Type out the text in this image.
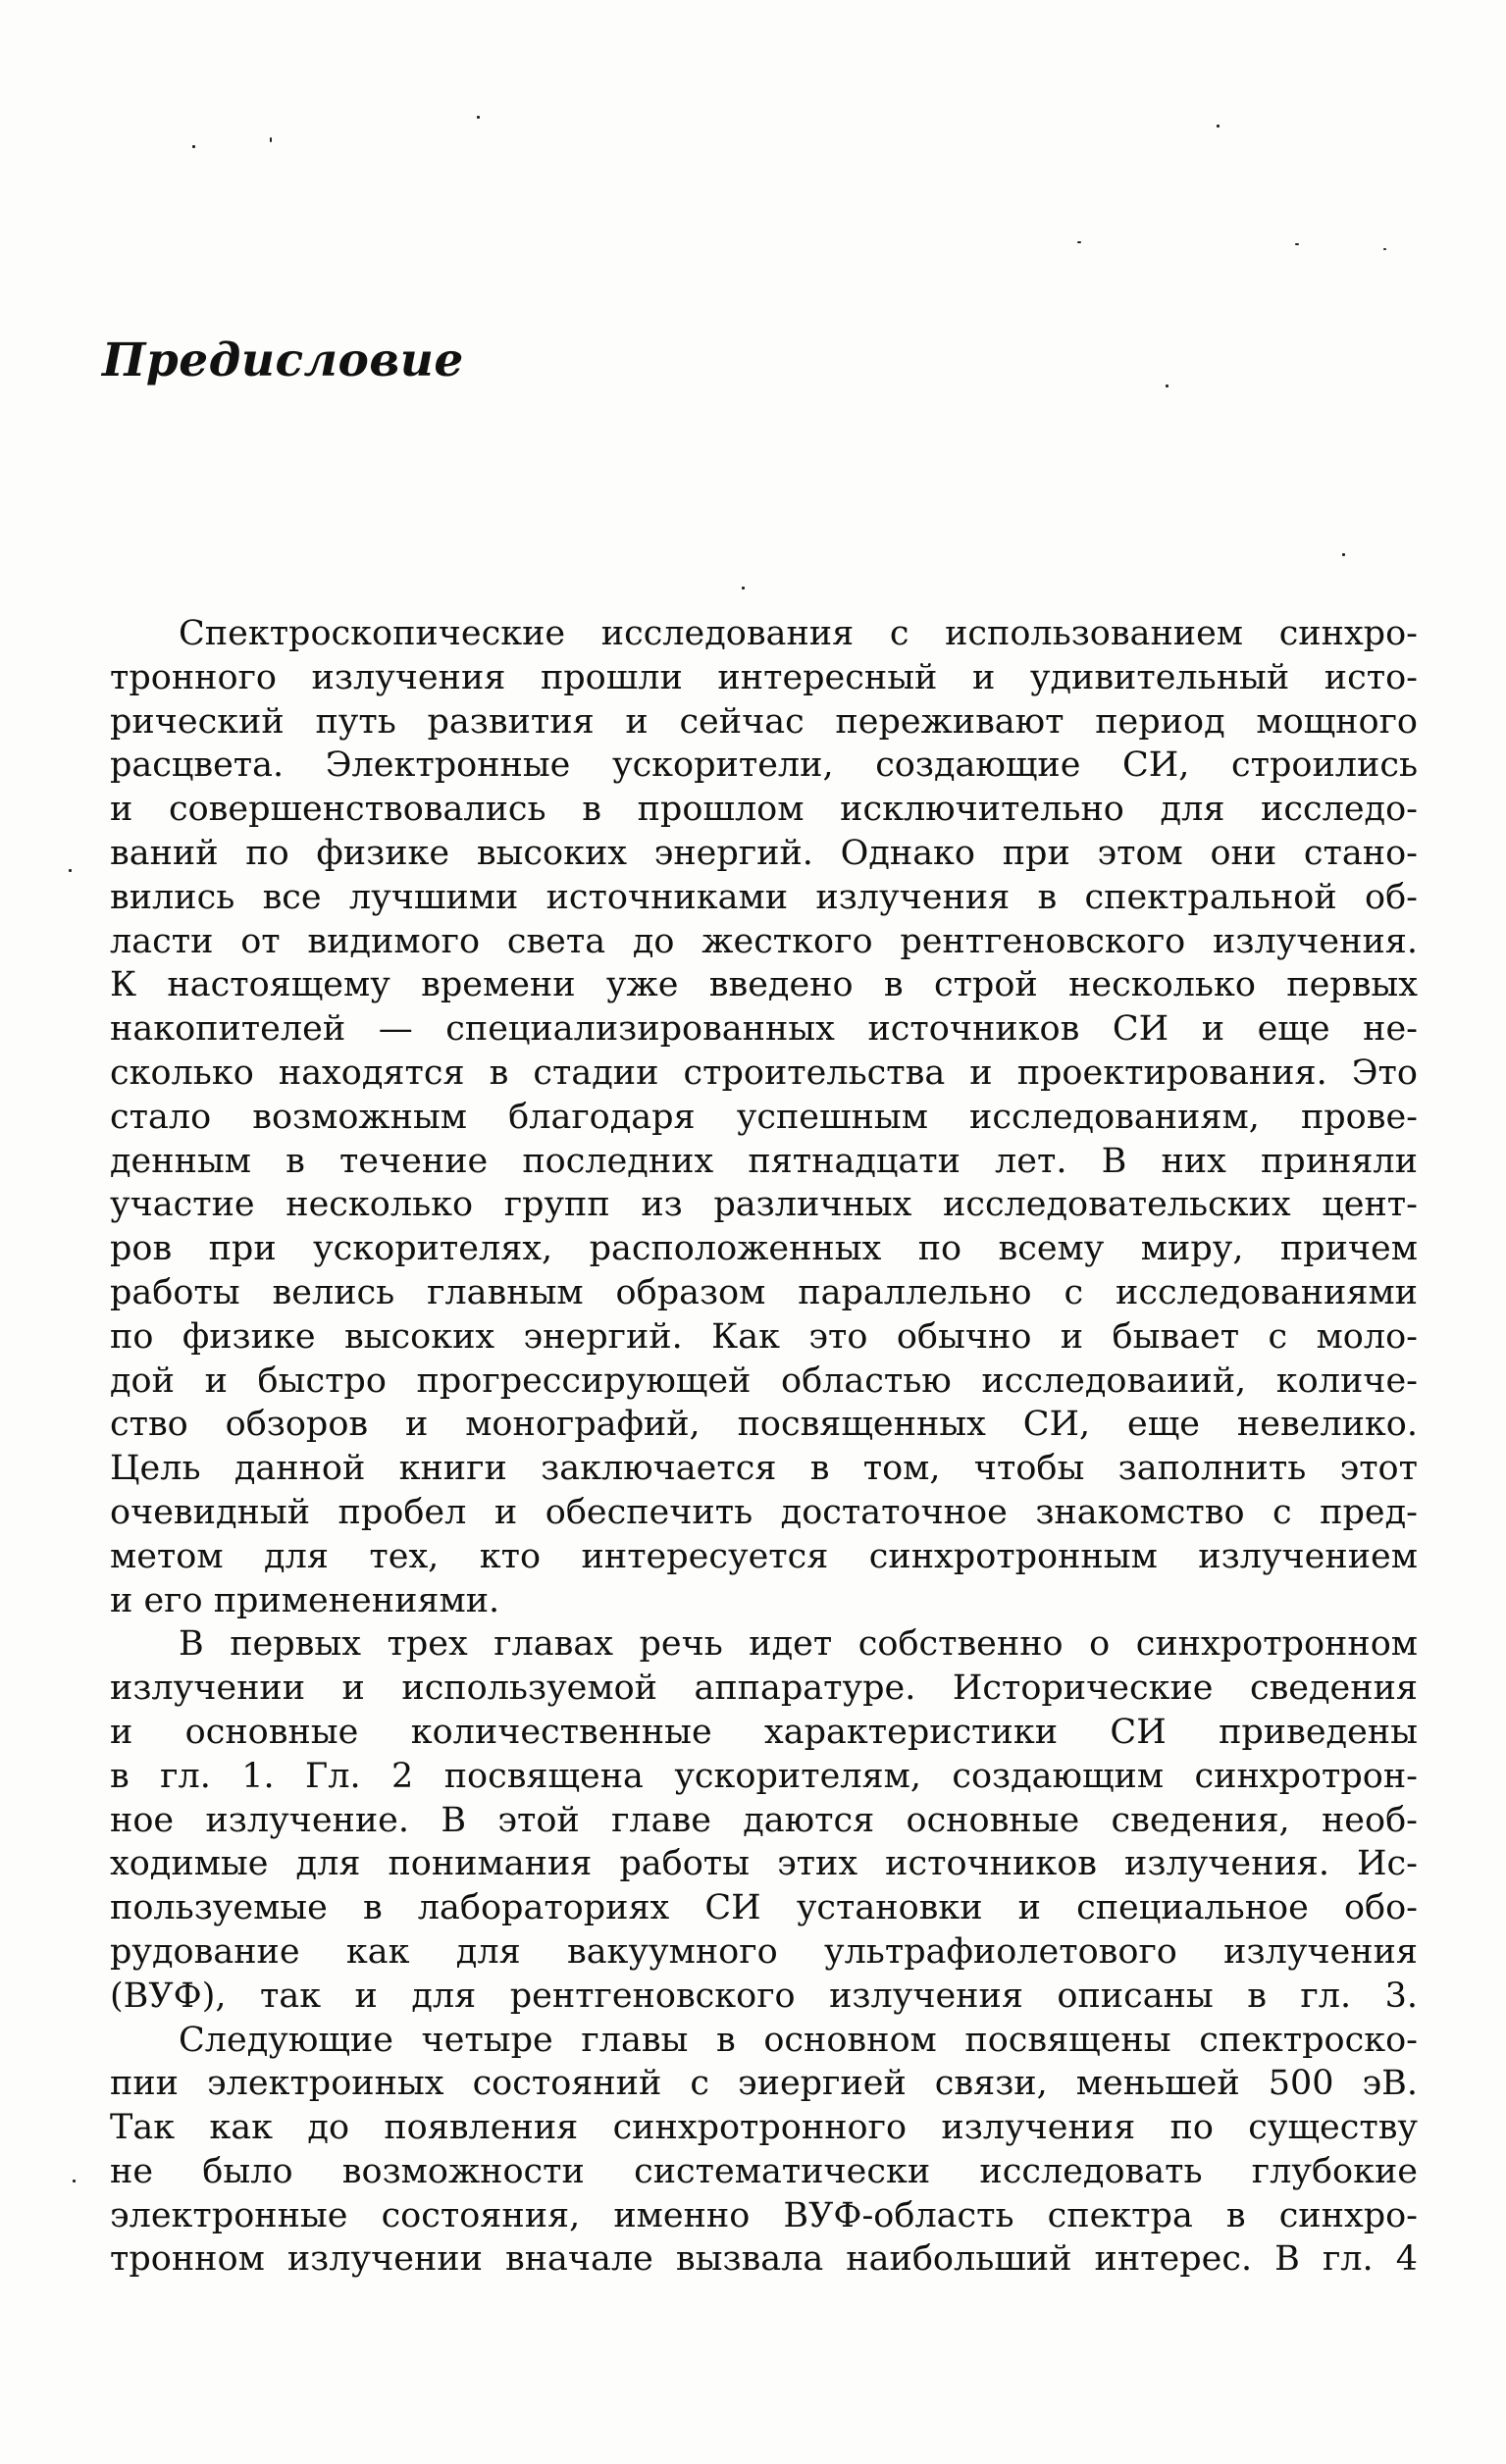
Предисловие
Спектроскопические исследования с использованием синхро-
тронного излучения прошли интересный и удивительный исто-
рический путь развития и сейчас переживают период мощного
расцвета. Электронные ускорители, создающие СИ, строились
и совершенствовались в прошлом исключительно для исследо-
ваний по физике высоких энергий. Однако при этом они стано-
вились все лучшими источниками излучения в спектральной об-
ласти от видимого света до жесткого рентгеновского излучения.
К настоящему времени уже введено в строй несколько первых
накопителей — специализированных источников СИ и еще не-
сколько находятся в стадии строительства и проектирования. Это
стало возможным благодаря успешным исследованиям, прове-
денным в течение последних пятнадцати лет. В них приняли
участие несколько групп из различных исследовательских цент-
ров при ускорителях, расположенных по всему миру, причем
работы велись главным образом параллельно с исследованиями
по физике высоких энергий. Как это обычно и бывает с моло-
дой и быстро прогрессирующей областью исследоваиий, количе-
ство обзоров и монографий, посвященных СИ, еще невелико.
Цель данной книги заключается в том, чтобы заполнить этот
очевидный пробел и обеспечить достаточное знакомство с пред-
метом для тех, кто интересуется синхротронным излучением
и его применениями.
В первых трех главах речь идет собственно о синхротронном
излучении и используемой аппаратуре. Исторические сведения
и основные количественные характеристики СИ приведены
в гл. 1. Гл. 2 посвящена ускорителям, создающим синхротрон-
ное излучение. В этой главе даются основные сведения, необ-
ходимые для понимания работы этих источников излучения. Ис-
пользуемые в лабораториях СИ установки и специальное обо-
рудование как для вакуумного ультрафиолетового излучения
(ВУФ), так и для рентгеновского излучения описаны в гл. 3.
Следующие четыре главы в основном посвящены спектроско-
пии электроиных состояний с эиергией связи, меньшей 500 эВ.
Так как до появления синхротронного излучения по существу
не было возможности систематически исследовать глубокие
электронные состояния, именно ВУФ-область спектра в синхро-
тронном излучении вначале вызвала наибольший интерес. В гл. 4
